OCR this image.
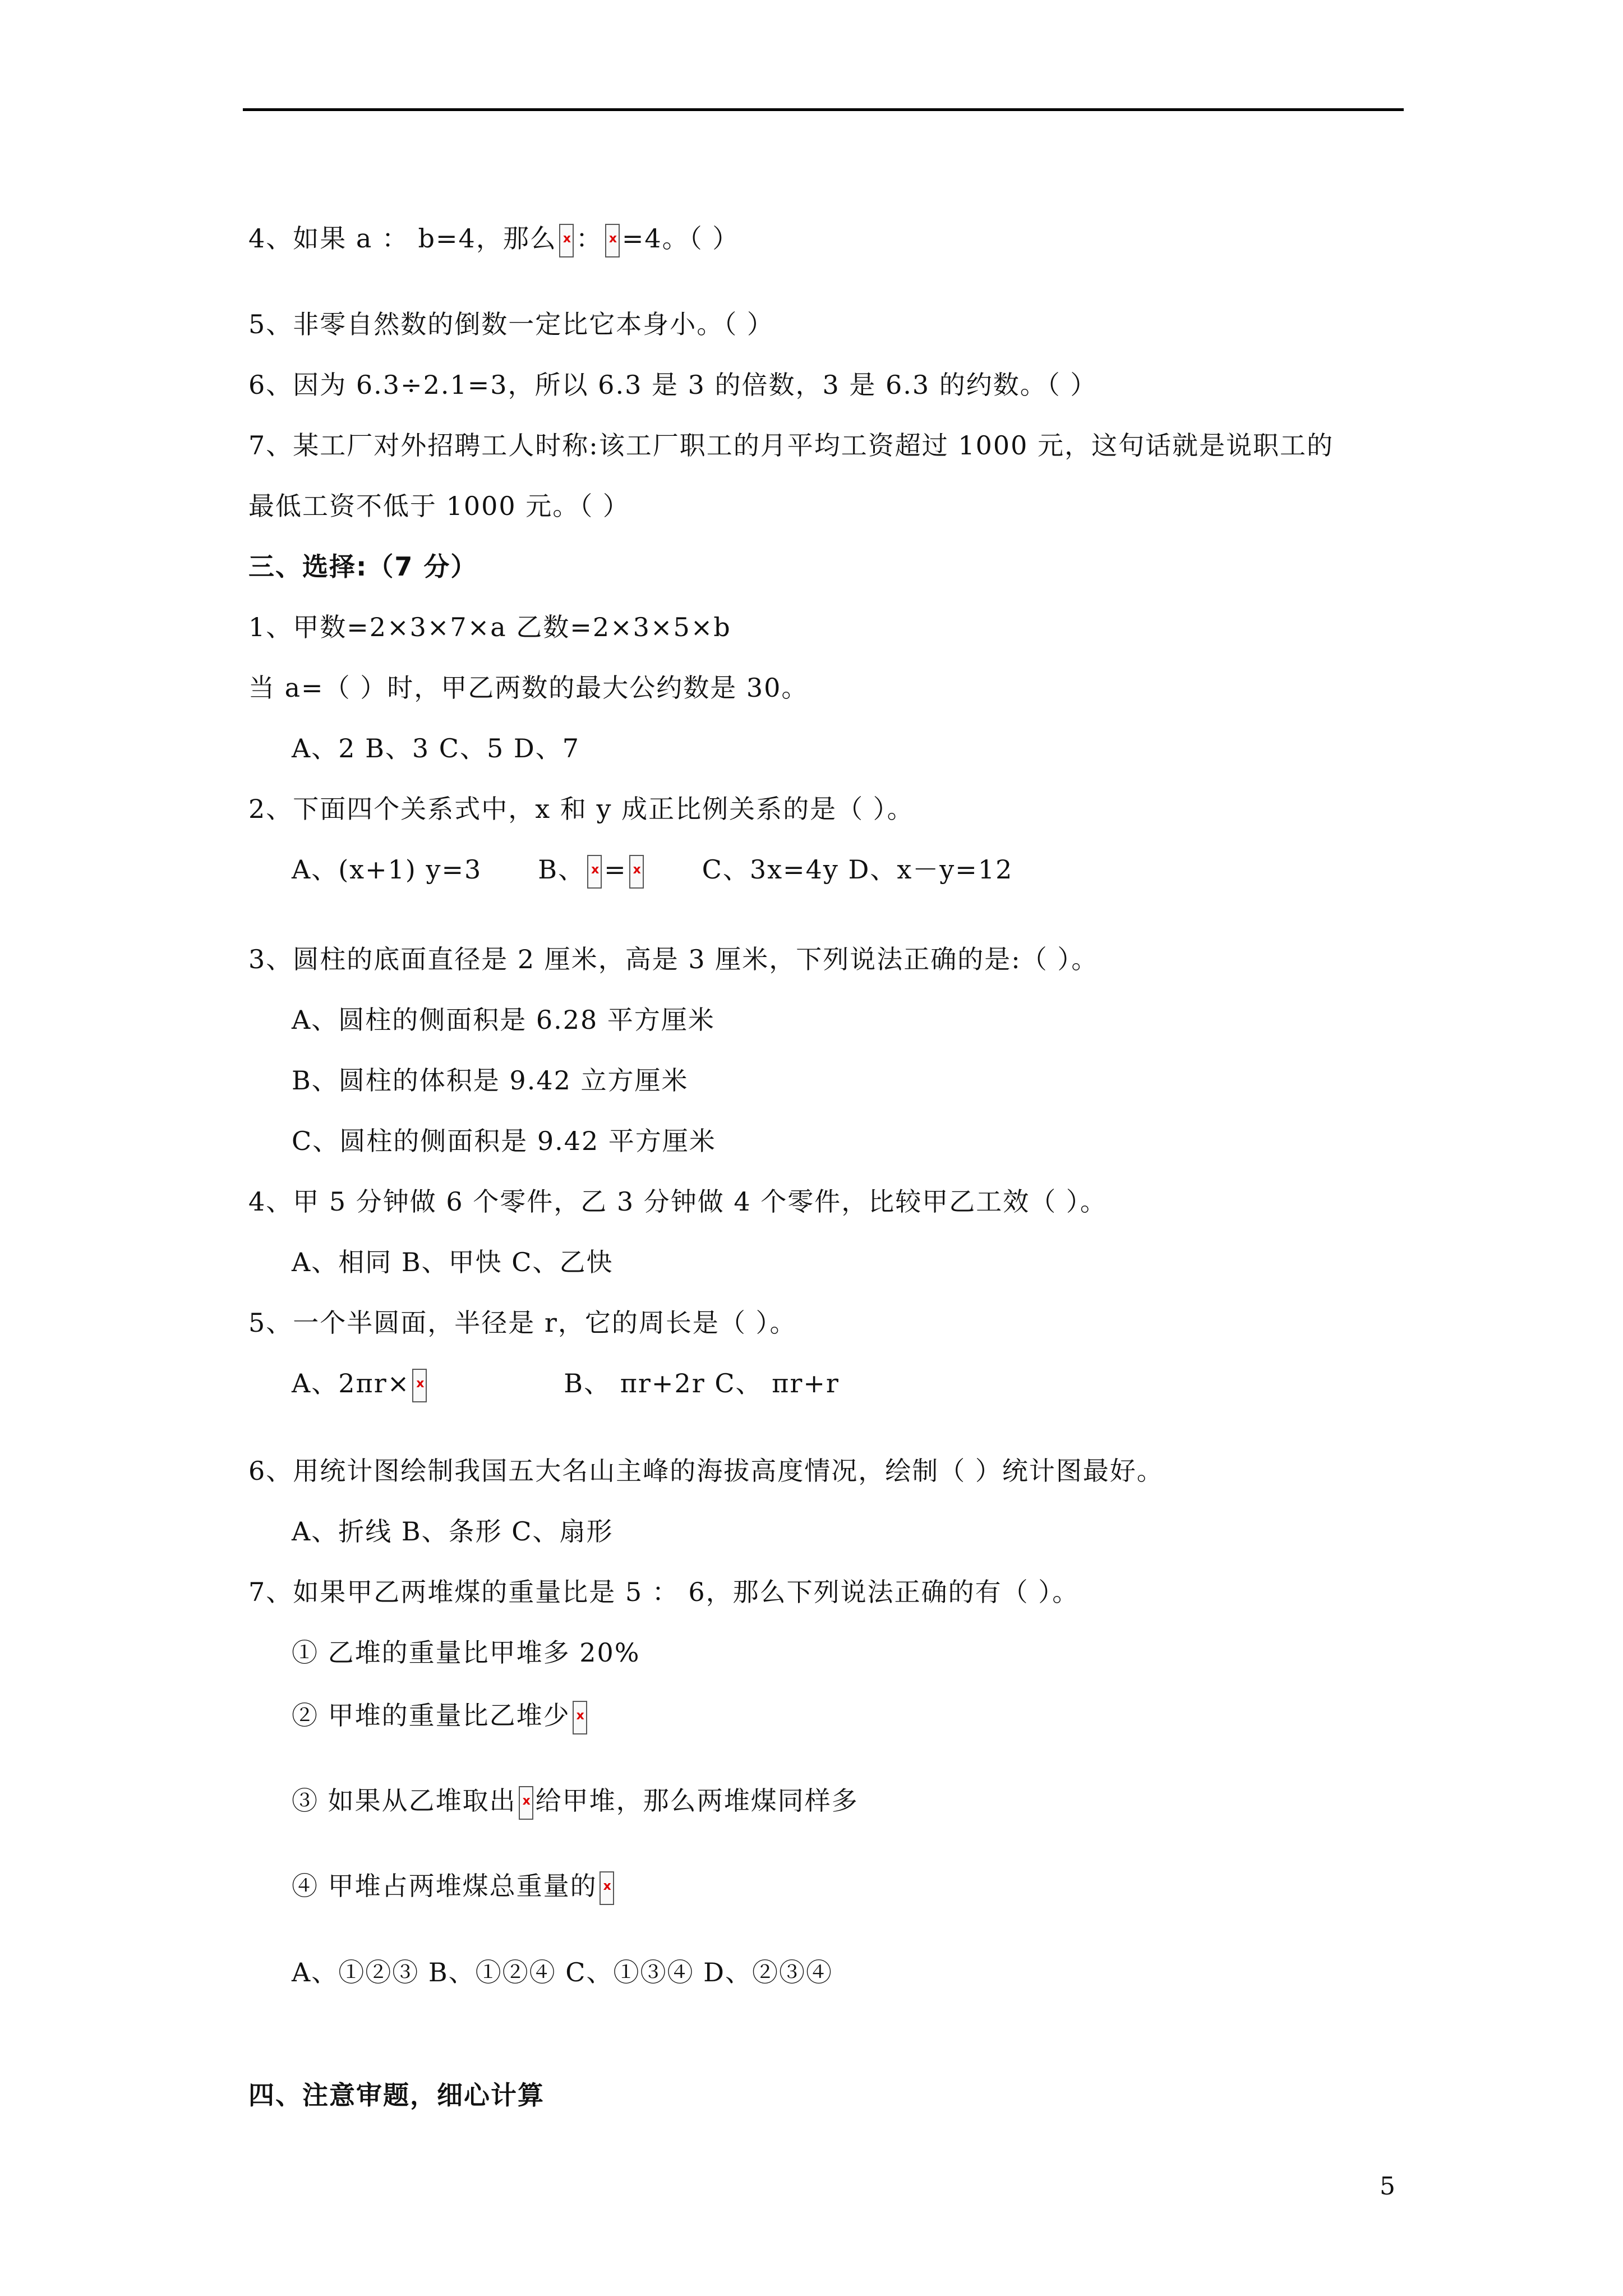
4、如果 a ： b=4，那么 x ： x =4。（ ）
5、非零自然数的倒数一定比它本身小。（ ）
6、因为 6.3÷2.1=3，所以 6.3 是 3 的倍数，3 是 6.3 的约数。（ ）
7、某工厂对外招聘工人时称:该工厂职工的月平均工资超过 1000 元，这句话就是说职工的
最低工资不低于 1000 元。（ ）
三、选择:（7 分）
1、甲数=2×3×7×a 乙数=2×3×5×b
当 a=（ ）时，甲乙两数的最大公约数是 30。
A、2 B、3 C、5 D、7
2、下面四个关系式中，x 和 y 成正比例关系的是（ ）。
A、(x+1) y=3 B、 x = x	C、3x=4y D、x－y=12
3、圆柱的底面直径是 2 厘米，高是 3 厘米，下列说法正确的是:（ ）。
A、圆柱的侧面积是 6.28 平方厘米
B、圆柱的体积是 9.42 立方厘米
C、圆柱的侧面积是 9.42 平方厘米
4、甲 5 分钟做 6 个零件，乙 3 分钟做 4 个零件，比较甲乙工效（ ）。
A、相同 B、甲快 C、乙快
5、一个半圆面，半径是 r，它的周长是（ ）。
A、2πr× x	B、 πr+2r C、 πr+r
6、用统计图绘制我国五大名山主峰的海拔高度情况，绘制（ ）统计图最好。
A、折线 B、条形 C、扇形
7、如果甲乙两堆煤的重量比是 5 ： 6，那么下列说法正确的有（ ）。
① 乙堆的重量比甲堆多 20%
② 甲堆的重量比乙堆少x
③ 如果从乙堆取出 x 给甲堆，那么两堆煤同样多
④ 甲堆占两堆煤总重量的x
A、①②③ B、①②④ C、①③④ D、②③④
四、注意审题，细心计算
5
